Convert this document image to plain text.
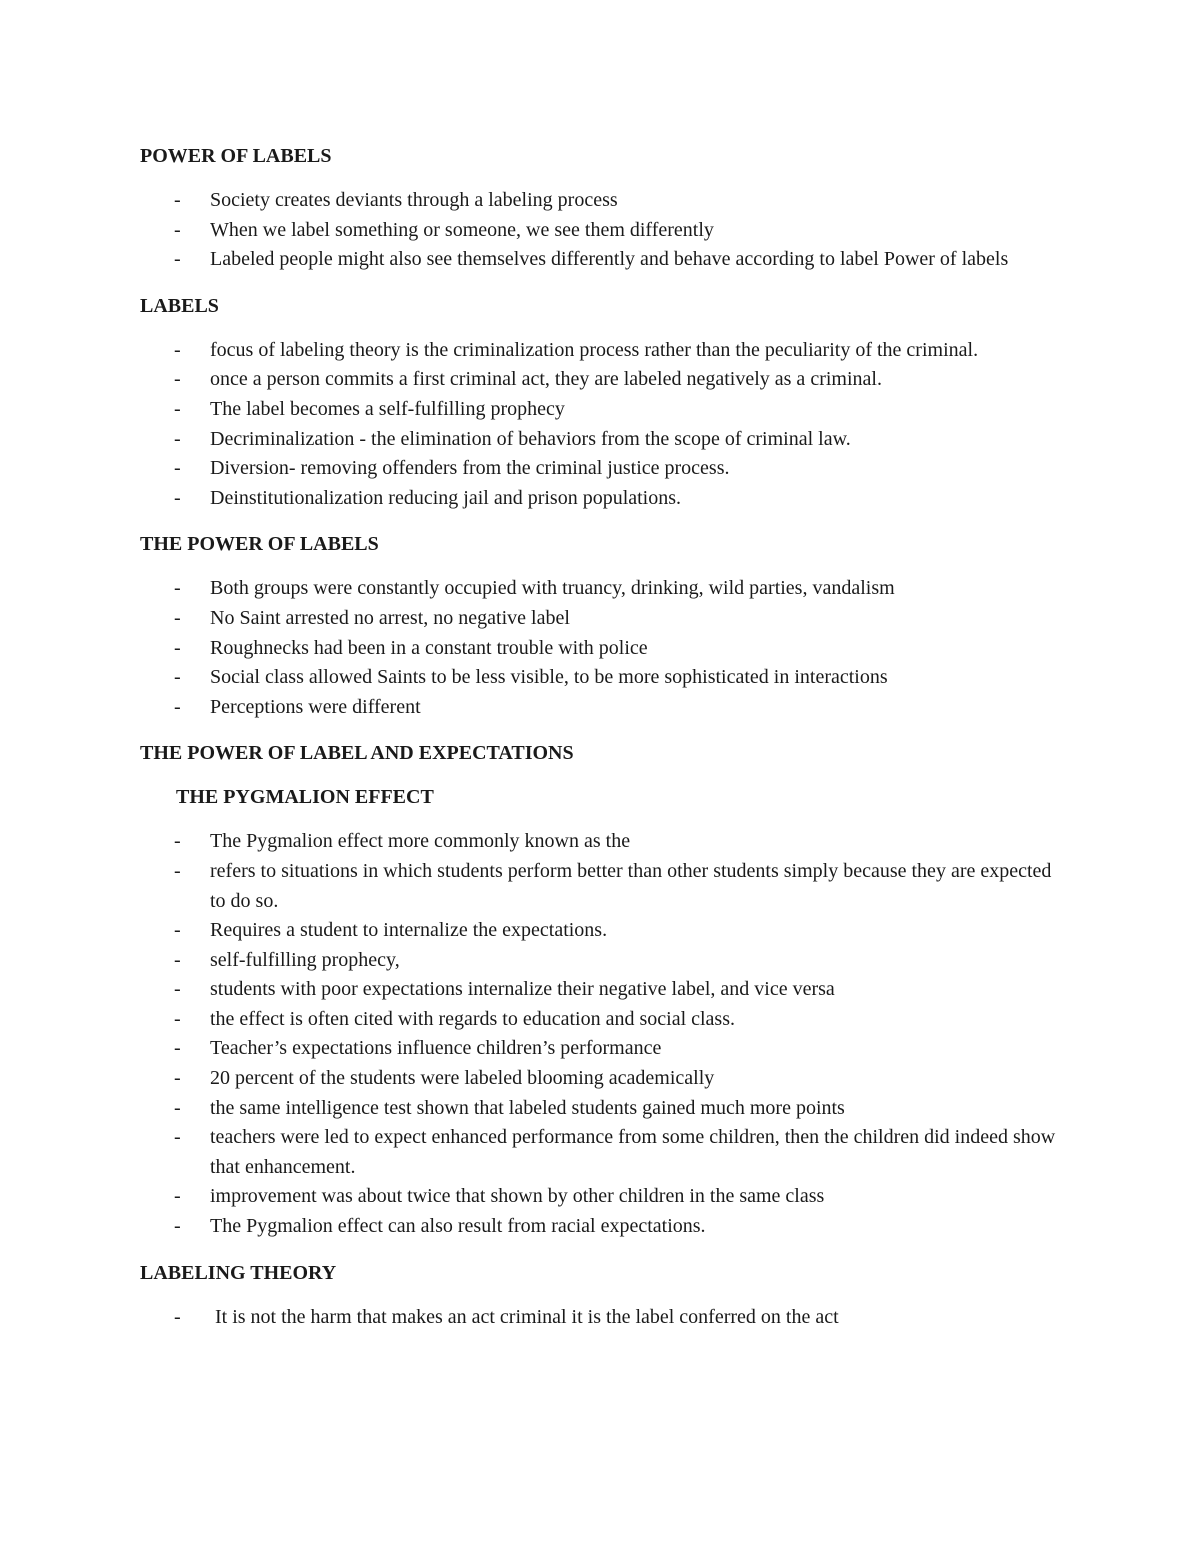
POWER OF LABELS
- Society creates deviants through a labeling process
- When we label something or someone, we see them differently
- Labeled people might also see themselves differently and behave according to label Power of labels
LABELS
- focus of labeling theory is the criminalization process rather than the peculiarity of the criminal.
- once a person commits a first criminal act, they are labeled negatively as a criminal.
- The label becomes a self-fulfilling prophecy
- Decriminalization - the elimination of behaviors from the scope of criminal law.
- Diversion- removing offenders from the criminal justice process.
- Deinstitutionalization reducing jail and prison populations.
THE POWER OF LABELS
- Both groups were constantly occupied with truancy, drinking, wild parties, vandalism
- No Saint arrested no arrest, no negative label
- Roughnecks had been in a constant trouble with police
- Social class allowed Saints to be less visible, to be more sophisticated in interactions
- Perceptions were different
THE POWER OF LABEL AND EXPECTATIONS
THE PYGMALION EFFECT
- The Pygmalion effect more commonly known as the
- refers to situations in which students perform better than other students simply because they are expected to do so.
- Requires a student to internalize the expectations.
- self-fulfilling prophecy,
- students with poor expectations internalize their negative label, and vice versa
- the effect is often cited with regards to education and social class.
- Teacher’s expectations influence children’s performance
- 20 percent of the students were labeled blooming academically
- the same intelligence test shown that labeled students gained much more points
- teachers were led to expect enhanced performance from some children, then the children did indeed show that enhancement.
- improvement was about twice that shown by other children in the same class
- The Pygmalion effect can also result from racial expectations.
LABELING THEORY
- It is not the harm that makes an act criminal it is the label conferred on the act
